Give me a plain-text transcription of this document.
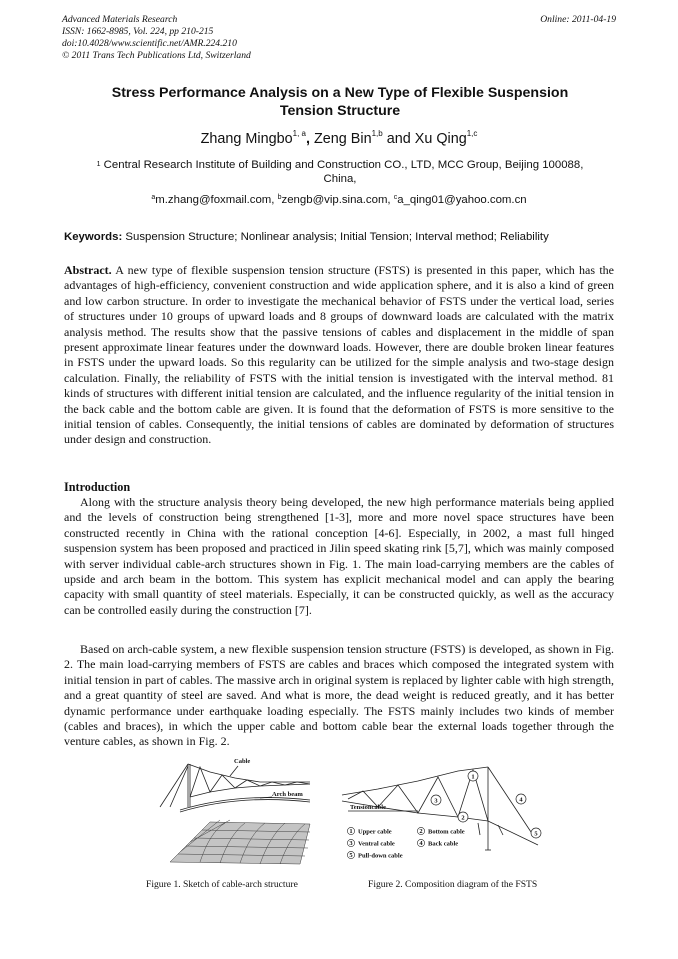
Advanced Materials Research
ISSN: 1662-8985, Vol. 224, pp 210-215
doi:10.4028/www.scientific.net/AMR.224.210
© 2011 Trans Tech Publications Ltd, Switzerland
Online: 2011-04-19
Stress Performance Analysis on a New Type of Flexible Suspension
Tension Structure
Zhang Mingbo$^{1, a}$, Zeng Bin$^{1,b}$ and Xu Qing$^{1,c}$
$^1$ Central Research Institute of Building and Construction CO., LTD, MCC Group, Beijing 100088,
China,
$^a$m.zhang@foxmail.com, $^b$zengb@vip.sina.com, $^c$a_qing01@yahoo.com.cn
Keywords: Suspension Structure; Nonlinear analysis; Initial Tension; Interval method; Reliability

Abstract. A new type of flexible suspension tension structure (FSTS) is presented in this paper, which has the advantages of high-efficiency, convenient construction and wide application sphere, and it is also a kind of green and low carbon structure. In order to investigate the mechanical behavior of FSTS under the vertical load, series of structures under 10 groups of upward loads and 8 groups of downward loads are calculated with the matrix analysis method. The results show that the passive tensions of cables and displacement in the middle of span present approximate linear features under the downward loads. However, there are double broken linear features in FSTS under the upward loads. So this regularity can be utilized for the simple analysis and two-stage design calculation. Finally, the reliability of FSTS with the initial tension is investigated with the interval method. 81 kinds of structures with different initial tension are calculated, and the influence regularity of the initial tension in the back cable and the bottom cable are given. It is found that the deformation of FSTS is more sensitive to the initial tension of cables. Consequently, the initial tensions of cables are dominated by deformation of structures under design and construction.

Introduction

Along with the structure analysis theory being developed, the new high performance materials being applied and the levels of construction being strengthened [1-3], more and more novel space structures have been constructed recently in China with the rational conception [4-6]. Especially, in 2002, a mast full hinged suspension system has been proposed and practiced in Jilin speed skating rink [5,7], which was mainly composed with server individual cable-arch structures shown in Fig. 1. The main load-carrying members are the cables of upside and arch beam in the bottom. This system has explicit mechanical model and can apply the bearing capacity with small quantity of steel materials. Especially, it can be constructed quickly, as well as the accuracy can be controlled easily during the construction [7].

Based on arch-cable system, a new flexible suspension tension structure (FSTS) is developed, as shown in Fig. 2. The main load-carrying members of FSTS are cables and braces which composed the integrated system with initial tension in part of cables. The massive arch in original system is replaced by lighter cable with high strength, and a great quantity of steel are saved. And what is more, the dead weight is reduced greatly, and it has better dynamic performance under earthquake loading especially. The FSTS mainly includes two kinds of member (cables and braces), in which the upper cable and bottom cable bear the external loads together through the venture cables, as shown in Fig. 2.

Cable
Arch beam
Figure 1. Sketch of cable-arch structure
1
3
2
4
5
Tensioncable
1	2
3	4
5
Upper cable	Bottom cable
Ventral cable	Back cable
Pull-down cable
Figure 2. Composition diagram of the FSTS
